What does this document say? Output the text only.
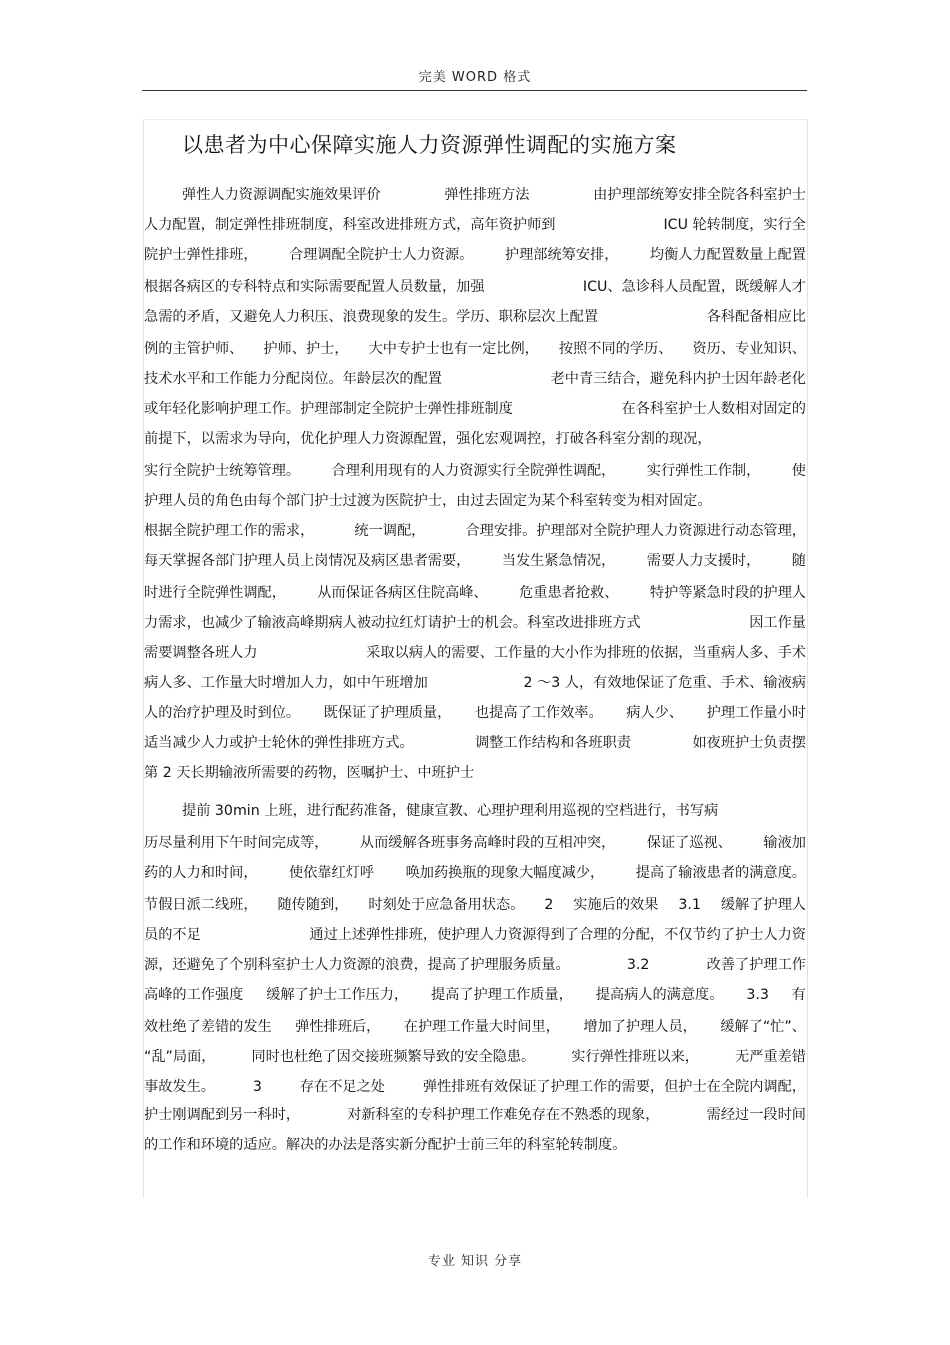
完美 WORD 格式
以患者为中心保障实施人力资源弹性调配的实施方案
弹性人力资源调配实施效果评价	弹性排班方法	由护理部统筹安排全院各科室护士
人力配置，制定弹性排班制度，科室改进排班方式，高年资护师到	ICU 轮转制度，实行全
院护士弹性排班， 合理调配全院护士人力资源。 护理部统筹安排， 均衡人力配置数量上配置
根据各病区的专科特点和实际需要配置人员数量，加强	ICU、急诊科人员配置，既缓解人才
急需的矛盾，又避免人力积压、浪费现象的发生。学历、职称层次上配置	各科配备相应比
例的主管护师、 护师、护士， 大中专护士也有一定比例， 按照不同的学历、 资历、专业知识、
技术水平和工作能力分配岗位。年龄层次的配置	老中青三结合，避免科内护士因年龄老化
或年轻化影响护理工作。护理部制定全院护士弹性排班制度	在各科室护士人数相对固定的
前提下，以需求为导向，优化护理人力资源配置，强化宏观调控，打破各科室分割的现况，
实行全院护士统筹管理。 合理利用现有的人力资源实行全院弹性调配， 实行弹性工作制， 使
护理人员的角色由每个部门护士过渡为医院护士，由过去固定为某个科室转变为相对固定。
根据全院护理工作的需求，	统一调配，	合理安排。护理部对全院护理人力资源进行动态管理，
每天掌握各部门护理人员上岗情况及病区患者需要， 当发生紧急情况， 需要人力支援时， 随
时进行全院弹性调配， 从而保证各病区住院高峰、 危重患者抢救、 特护等紧急时段的护理人
力需求，也减少了输液高峰期病人被动拉红灯请护士的机会。科室改进排班方式	因工作量
需要调整各班人力	采取以病人的需要、工作量的大小作为排班的依据，当重病人多、手术
病人多、工作量大时增加人力，如中午班增加	2 ～3 人，有效地保证了危重、手术、输液病
人的治疗护理及时到位。 既保证了护理质量， 也提高了工作效率。 病人少、 护理工作量小时
适当减少人力或护士轮休的弹性排班方式。	调整工作结构和各班职责	如夜班护士负责摆
第 2 天长期输液所需要的药物，医嘱护士、中班护士
提前 30min 上班，进行配药准备，健康宣教、心理护理利用巡视的空档进行，书写病
历尽量利用下午时间完成等， 从而缓解各班事务高峰时段的互相冲突， 保证了巡视、 输液加
药的人力和时间， 使依靠红灯呼 唤加药换瓶的现象大幅度减少， 提高了输液患者的满意度。
节假日派二线班， 随传随到， 时刻处于应急备用状态。 2 实施后的效果 3.1 缓解了护理人
员的不足	通过上述弹性排班，使护理人力资源得到了合理的分配，不仅节约了护士人力资
源，还避免了个别科室护士人力资源的浪费，提高了护理服务质量。	3.2	改善了护理工作
高峰的工作强度 缓解了护士工作压力， 提高了护理工作质量， 提高病人的满意度。 3.3 有
效杜绝了差错的发生 弹性排班后， 在护理工作量大时间里， 增加了护理人员， 缓解了“忙”、
“乱”局面，	同时也杜绝了因交接班频繁导致的安全隐患。	实行弹性排班以来，	无严重差错
事故发生。	3	存在不足之处	弹性排班有效保证了护理工作的需要，但护士在全院内调配，
护士刚调配到另一科时，	对新科室的专科护理工作难免存在不熟悉的现象，	需经过一段时间
的工作和环境的适应。解决的办法是落实新分配护士前三年的科室轮转制度。
专业 知识 分享
